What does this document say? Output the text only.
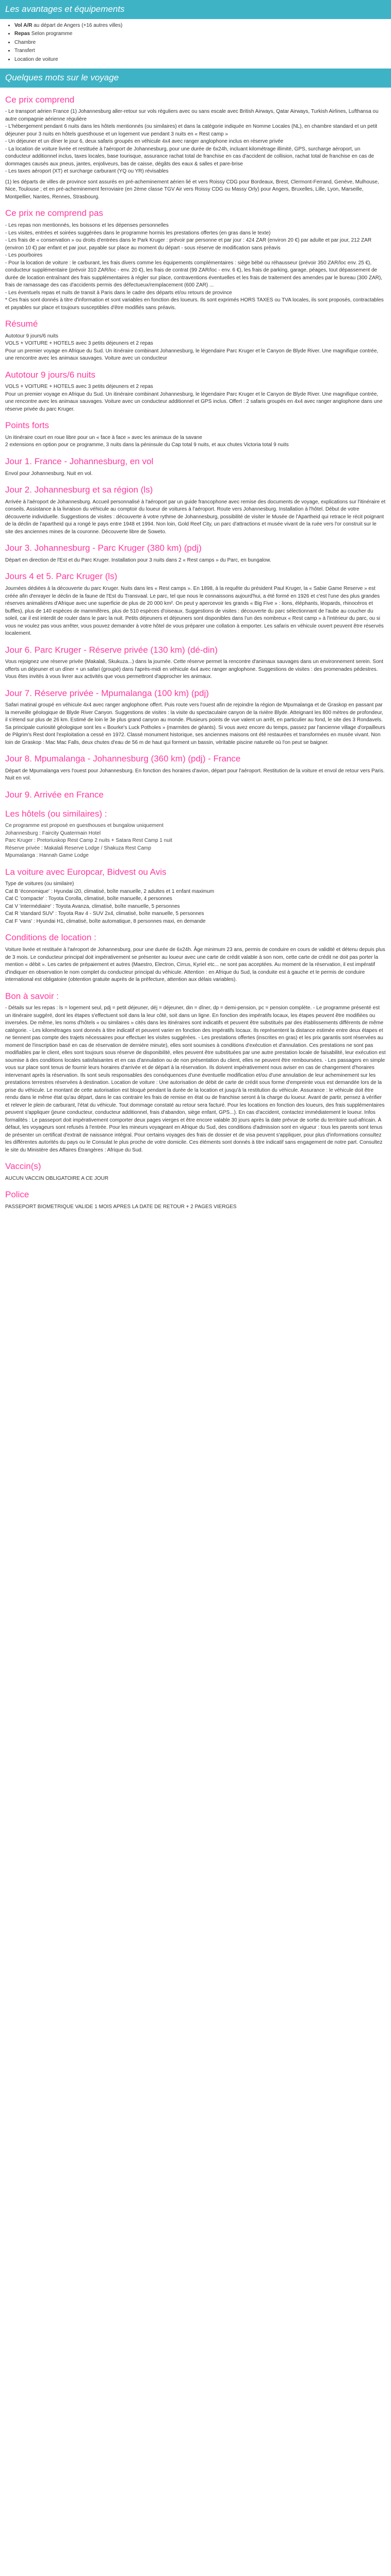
Les avantages et équipements
• Vol A/R au départ de Angers (+16 autres villes)
• Repas Selon programme
• Chambre
• Transfert
• Location de voiture
Quelques mots sur le voyage
Ce prix comprend

- Le transport aérien France (1) Johannesburg aller-retour sur vols réguliers avec ou sans escale avec British Airways, Qatar Airways, Turkish Airlines, Lufthansa ou autre compagnie aérienne régulière

- L'hébergement pendant 6 nuits dans les hôtels mentionnés (ou similaires) et dans la catégorie indiquée en Nomme Locales (NL), en chambre standard et un petit déjeuner pour 3 nuits en hôtels guesthouse et un logement vue pendant 3 nuits en « Rest camp »

- Un déjeuner et un dîner le jour 6, deux safaris groupés en véhicule 4x4 avec ranger anglophone inclus en réserve privée

- La location de voiture livrée et restituée à l'aéroport de Johannesburg, pour une durée de 6x24h, incluant kilométrage illimité, GPS, surcharge aéroport, un conducteur additionnel inclus, taxes locales, base tourisque, assurance rachat total de franchise en cas d'accident de collision, rachat total de franchise en cas de dommages causés aux pneus, jantes, enjoliveurs, bas de caisse, dégâts des eaux & salles et pare-brise

- Les taxes aéroport (XT) et surcharge carburant (YQ ou YR) révisables

(1) les départs de villes de province sont assurés en pré-acheminement aérien lié et vers Roissy CDG pour Bordeaux, Brest, Clermont-Ferrand, Genève, Mulhouse, Nice, Toulouse ; et en pré-acheminement ferroviaire (en 2ème classe TGV Air vers Roissy CDG ou Massy Orly) pour Angers, Bruxelles, Lille, Lyon, Marseille, Montpellier, Nantes, Rennes, Strasbourg.

Ce prix ne comprend pas

- Les repas non mentionnés, les boissons et les dépenses personnelles

- Les visites, entrées et soirées suggérées dans le programme hormis les prestations offertes (en gras dans le texte)

- Les frais de « conservation » ou droits d'entrées dans le Park Kruger : prévoir par personne et par jour : 424 ZAR (environ 20 €) par adulte et par jour, 212 ZAR (environ 10 €) par enfant et par jour, payable sur place au moment du départ - sous réserve de modification sans préavis

- Les pourboires

- Pour la location de voiture : le carburant, les frais divers comme les équipements complémentaires : siège bébé ou réhausseur (prévoir 350 ZAR/loc env. 25 €), conducteur supplémentaire (prévoir 310 ZAR/loc - env. 20 €), les frais de contrat (99 ZAR/loc - env. 6 €), les frais de parking, garage, péages, tout dépassement de durée de location entraînant des frais supplémentaires à régler sur place, contraventions éventuelles et les frais de traitement des amendes par le bureau (300 ZAR), frais de ramassage des cas d'accidents permis des défectueux/remplacement (600 ZAR) ...

- Les éventuels repas et nuits de transit à Paris dans le cadre des départs et/ou retours de province

* Ces frais sont donnés à titre d'information et sont variables en fonction des loueurs. Ils sont exprimés HORS TAXES ou TVA locales, ils sont proposés, contractables et payables sur place et toujours susceptibles d'être modifiés sans préavis.

Résumé

Autotour 9 jours/6 nuits

VOLS + VOITURE + HOTELS avec 3 petits déjeuners et 2 repas

Pour un premier voyage en Afrique du Sud. Un itinéraire combinant Johannesburg, le légendaire Parc Kruger et le Canyon de Blyde River. Une magnifique contrée, une rencontre avec les animaux sauvages. Voiture avec un conducteur

Autotour 9 jours/6 nuits

VOLS + VOITURE + HOTELS avec 3 petits déjeuners et 2 repas

Pour un premier voyage en Afrique du Sud. Un itinéraire combinant Johannesburg, le légendaire Parc Kruger et le Canyon de Blyde River. Une magnifique contrée, une rencontre avec les animaux sauvages. Voiture avec un conducteur additionnel et GPS inclus. Offert : 2 safaris groupés en 4x4 avec ranger anglophone dans une réserve privée du parc Kruger.

Points forts

Un itinéraire court en roue libre pour un « face à face » avec les animaux de la savane

2 extensions en option pour ce programme, 3 nuits dans la péninsule du Cap total 9 nuits, et aux chutes Victoria total 9 nuits

Jour 1. France - Johannesburg, en vol

Envol pour Johannesburg. Nuit en vol.

Jour 2. Johannesburg et sa région (ls)

Arrivée à l'aéroport de Johannesburg. Accueil personnalisé à l'aéroport par un guide francophone avec remise des documents de voyage, explications sur l'itinéraire et conseils. Assistance à la livraison du véhicule au comptoir du loueur de voitures à l'aéroport. Route vers Johannesburg. Installation à l'hôtel. Début de votre découverte individuelle. Suggestions de visites : découverte à votre rythme de Johannesburg, possibilité de visiter le Musée de l'Apartheid qui retrace le récit poignant de la déclin de l'apartheid qui a rongé le pays entre 1948 et 1994. Non loin, Gold Reef City, un parc d'attractions et musée vivant de la ruée vers l'or construit sur le site des anciennes mines de la couronne. Découverte libre de Soweto.

Jour 3. Johannesburg - Parc Kruger (380 km) (pdj)

Départ en direction de l'Est et du Parc Kruger. Installation pour 3 nuits dans 2 « Rest camps » du Parc, en bungalow.

Jours 4 et 5. Parc Kruger (ls)

Journées dédiées à la découverte du parc Kruger. Nuits dans les « Rest camps ». En 1898, à la requête du président Paul Kruger, la « Sabie Game Reserve » est créée afin d'enrayer le déclin de la faune de l'Est du Transvaal. Le parc, tel que nous le connaissons aujourd'hui, a été formé en 1926 et c'est l'une des plus grandes réserves animalières d'Afrique avec une superficie de plus de 20 000 km². On peut y apercevoir les grands « Big Five » : lions, éléphants, léopards, rhinocéros et buffles), plus de 140 espèces de mammifères, plus de 510 espèces d'oiseaux. Suggestions de visites : découverte du parc sélectionnant de l'aube au coucher du soleil, car il est interdit de rouler dans le parc la nuit. Petits déjeuners et déjeuners sont disponibles dans l'un des nombreux « Rest camp » à l'intérieur du parc, ou si vous ne voulez pas vous arrêter, vous pouvez demander à votre hôtel de vous préparer une collation à emporter. Les safaris en véhicule ouvert peuvent être réservés localement.

Jour 6. Parc Kruger - Réserve privée (130 km) (dé-din)

Vous rejoignez une réserve privée (Makalali, Skukuza...) dans la journée. Cette réserve permet la rencontre d'animaux sauvages dans un environnement serein. Sont offerts un déjeuner et un dîner + un safari (groupé) dans l'après-midi en véhicule 4x4 avec ranger anglophone. Suggestions de visites : des promenades pédestres. Vous êtes invités à vous livrer aux activités que vous permettront d'approcher les animaux.

Jour 7. Réserve privée - Mpumalanga (100 km) (pdj)

Safari matinal groupé en véhicule 4x4 avec ranger anglophone offert. Puis route vers l'ouest afin de rejoindre la région de Mpumalanga et de Graskop en passant par la merveille géologique de Blyde River Canyon. Suggestions de visites : la visite du spectaculaire canyon de la rivière Blyde. Atteignant les 800 mètres de profondeur, il s'étend sur plus de 26 km. Estimé de loin le 3e plus grand canyon au monde. Plusieurs points de vue valent un arrêt, en particulier au fond, le site des 3 Rondavels. Sa principale curiosité géologique sont les « Bourke's Luck Potholes » (marmites de géants). Si vous avez encore du temps, passez par l'ancienne village d'orpailleurs de Pilgrim's Rest dont l'exploitation a cessé en 1972. Classé monument historique, ses anciennes maisons ont été restaurées et transformées en musée vivant. Non loin de Graskop : Mac Mac Falls, deux chutes d'eau de 56 m de haut qui forment un bassin, véritable piscine naturelle où l'on peut se baigner.

Jour 8. Mpumalanga - Johannesburg (360 km) (pdj) - France

Départ de Mpumalanga vers l'ouest pour Johannesburg. En fonction des horaires d'avion, départ pour l'aéroport. Restitution de la voiture et envol de retour vers Paris. Nuit en vol.

Jour 9. Arrivée en France
Les hôtels (ou similaires) :

Ce programme est proposé en guesthouses et bungalow uniquement

Johannesburg : Faircity Quatermain Hotel

Parc Kruger : Pretoriuskop Rest Camp 2 nuits + Satara Rest Camp 1 nuit

Réserve privée : Makalali Reserve Lodge / Shakuza Rest Camp

Mpumalanga : Hannah Game Lodge

La voiture avec Europcar, Bidvest ou Avis

Type de voitures (ou similaire)

Cat B 'économique' : Hyundai i20, climatisé, boîte manuelle, 2 adultes et 1 enfant maximum

Cat C 'compacte' : Toyota Corolla, climatisé, boîte manuelle, 4 personnes

Cat V 'intermédiaire' : Toyota Avanza, climatisé, boîte manuelle, 5 personnes

Cat R 'standard SUV' : Toyota Rav 4 - SUV 2x4, climatisé, boîte manuelle, 5 personnes

Cat F 'vans' : Hyundai H1, climatisé, boîte automatique, 8 personnes maxi, en demande

Conditions de location :

Voiture livrée et restituée à l'aéroport de Johannesburg, pour une durée de 6x24h. Âge minimum 23 ans, permis de conduire en cours de validité et détenu depuis plus de 3 mois. Le conducteur principal doit impérativement se présenter au loueur avec une carte de crédit valable à son nom, cette carte de crédit ne doit pas porter la mention « débit ». Les cartes de prépaiement et autres (Maestro, Electron, Cirrus, Kyriel etc... ne sont pas acceptées. Au moment de la réservation, il est impératif d'indiquer en observation le nom complet du conducteur principal du véhicule. Attention : en Afrique du Sud, la conduite est à gauche et le permis de conduire international est obligatoire (obtention gratuite auprès de la préfecture, attention aux délais variables).

Bon à savoir :

- Détails sur les repas : ls = logement seul, pdj = petit déjeuner, déj = déjeuner, din = dîner, dp = demi-pension, pc = pension complète. - Le programme présenté est un itinéraire suggéré, dont les étapes s'effectuent soit dans la leur côté, soit dans un ligne. En fonction des impératifs locaux, les étapes peuvent être modifiées ou inversées. De même, les noms d'hôtels « ou similaires » cités dans les itinéraires sont indicatifs et peuvent être substitués par des établissements différents de même catégorie. - Les kilométrages sont donnés à titre indicatif et peuvent varier en fonction des impératifs locaux. Ils représentent la distance estimée entre deux étapes et ne tiennent pas compte des trajets nécessaires pour effectuer les visites suggérées. - Les prestations offertes (inscrites en gras) et les prix garantis sont réservées au moment de l'inscription basé en cas de réservation de dernière minute), elles sont soumises à conditions d'exécution et d'annulation. Ces prestations ne sont pas modifiables par le client, elles sont toujours sous réserve de disponibilité, elles peuvent être substituées par une autre prestation locale de faisabilité, leur exécution est soumise à des conditions locales satisfaisantes et en cas d'annulation ou de non présentation du client, elles ne peuvent être remboursées. - Les passagers en simple vous sur place sont tenus de fournir leurs horaires d'arrivée et de départ à la réservation. Ils doivent impérativement nous aviser en cas de changement d'horaires intervenant après la réservation. Ils sont seuls responsables des conséquences d'une éventuelle modification et/ou d'une annulation de leur acheminement sur les prestations terrestres réservées à destination. Location de voiture : Une autorisation de débit de carte de crédit sous forme d'empreinte vous est demandée lors de la prise du véhicule. Le montant de cette autorisation est bloqué pendant la durée de la location et jusqu'à la restitution du véhicule. Assurance : le véhicule doit être rendu dans le même état qu'au départ, dans le cas contraire les frais de remise en état ou de franchise seront à la charge du loueur. Avant de partir, pensez à vérifier et relever le plein de carburant, l'état du véhicule. Tout dommage constaté au retour sera facturé. Pour les locations en fonction des loueurs, des frais supplémentaires peuvent s'appliquer (jeune conducteur, conducteur additionnel, frais d'abandon, siège enfant, GPS...). En cas d'accident, contactez immédiatement le loueur. Infos formalités : Le passeport doit impérativement comporter deux pages vierges et être encore valable 30 jours après la date prévue de sortie du territoire sud-africain. À défaut, les voyageurs sont refusés à l'entrée. Pour les mineurs voyageant en Afrique du Sud, des conditions d'admission sont en vigueur : tous les parents sont tenus de présenter un certificat d'extrait de naissance intégral. Pour certains voyages des frais de dossier et de visa peuvent s'appliquer, pour plus d'informations consultez les différentes autorités du pays ou le Consulat le plus proche de votre domicile. Ces éléments sont donnés à titre indicatif sans engagement de notre part. Consultez le site du Ministère des Affaires Étrangères : Afrique du Sud.

Vaccin(s)

AUCUN VACCIN OBLIGATOIRE A CE JOUR

Police

PASSEPORT BIOMETRIQUE VALIDE 1 MOIS APRES LA DATE DE RETOUR + 2 PAGES VIERGES
